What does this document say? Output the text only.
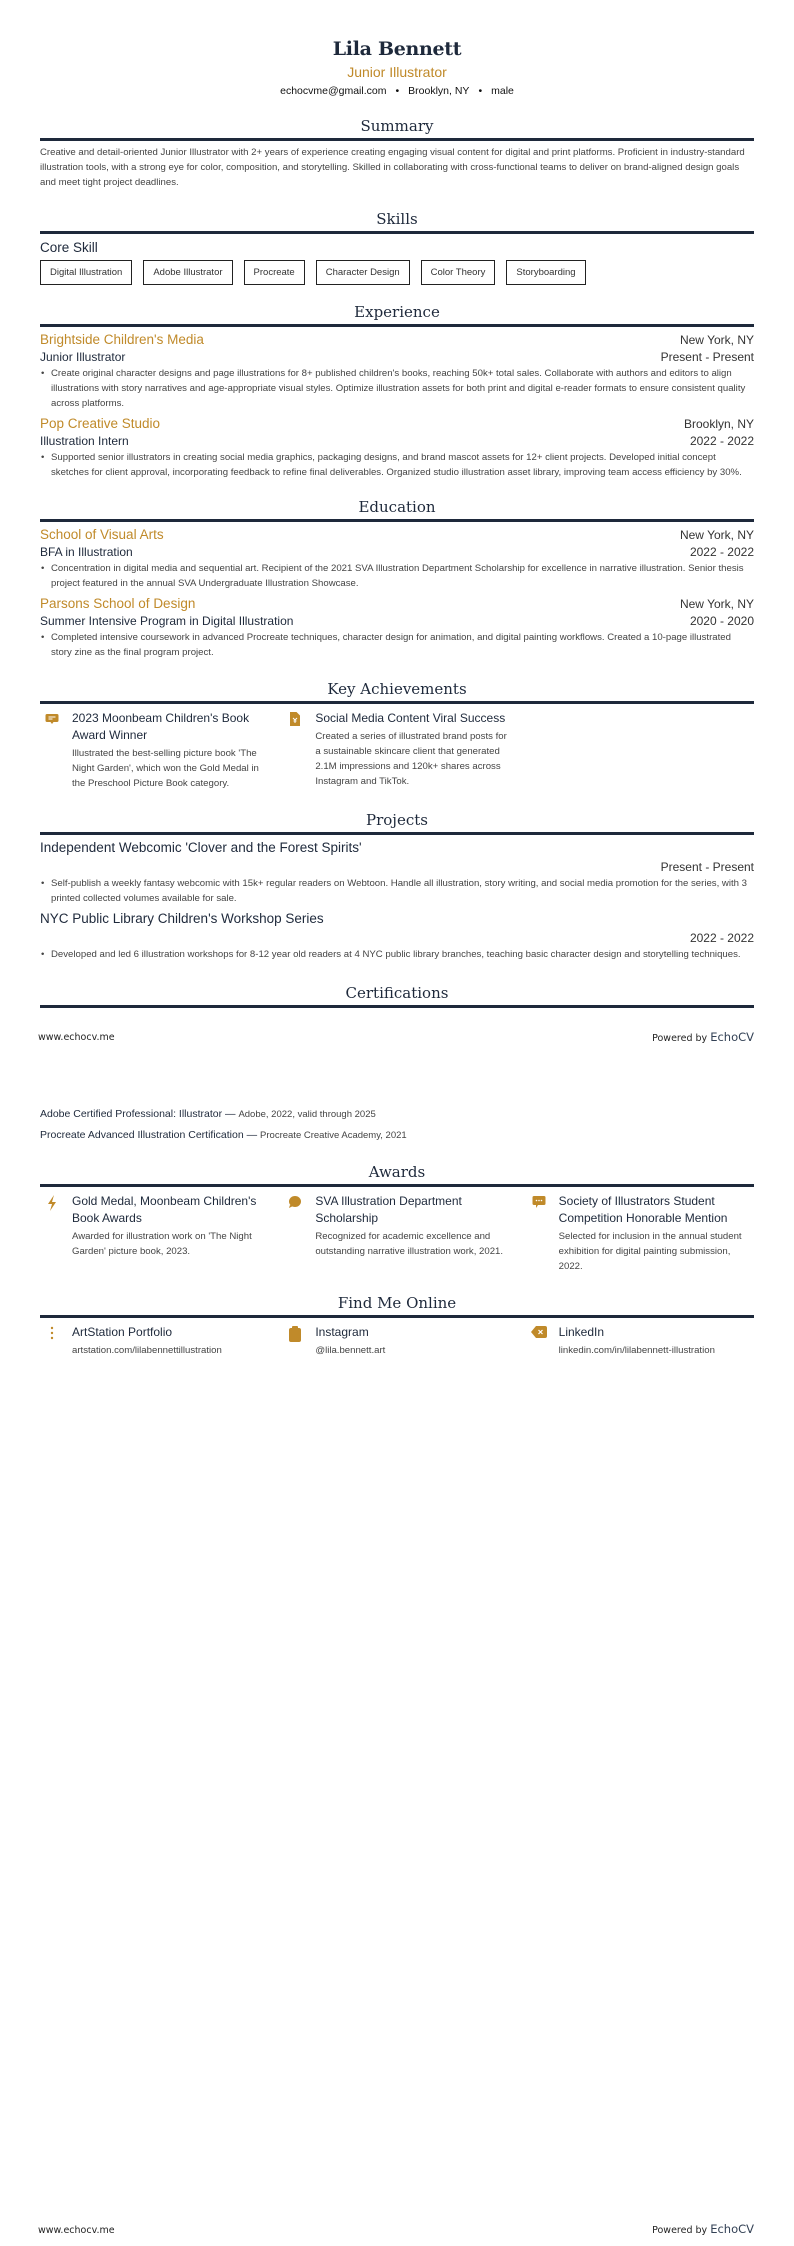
Lila Bennett
Junior Illustrator
echocvme@gmail.com • Brooklyn, NY • male
Summary
Creative and detail-oriented Junior Illustrator with 2+ years of experience creating engaging visual content for digital and print platforms. Proficient in industry-standard illustration tools, with a strong eye for color, composition, and storytelling. Skilled in collaborating with cross-functional teams to deliver on brand-aligned design goals and meet tight project deadlines.
Skills
Core Skill
Digital Illustration	Adobe Illustrator	Procreate	Character Design	Color Theory	Storyboarding
Experience
Brightside Children's Media	New York, NY
Junior Illustrator	Present - Present
• Create original character designs and page illustrations for 8+ published children's books, reaching 50k+ total sales. Collaborate with authors and editors to align illustrations with story narratives and age-appropriate visual styles. Optimize illustration assets for both print and digital e-reader formats to ensure consistent quality across platforms.
Pop Creative Studio	Brooklyn, NY
Illustration Intern	2022 - 2022
• Supported senior illustrators in creating social media graphics, packaging designs, and brand mascot assets for 12+ client projects. Developed initial concept sketches for client approval, incorporating feedback to refine final deliverables. Organized studio illustration asset library, improving team access efficiency by 30%.
Education
School of Visual Arts	New York, NY
BFA in Illustration	2022 - 2022
• Concentration in digital media and sequential art. Recipient of the 2021 SVA Illustration Department Scholarship for excellence in narrative illustration. Senior thesis project featured in the annual SVA Undergraduate Illustration Showcase.
Parsons School of Design	New York, NY
Summer Intensive Program in Digital Illustration	2020 - 2020
• Completed intensive coursework in advanced Procreate techniques, character design for animation, and digital painting workflows. Created a 10-page illustrated story zine as the final program project.
Key Achievements
2023 Moonbeam Children's Book Award Winner
Illustrated the best-selling picture book 'The Night Garden', which won the Gold Medal in the Preschool Picture Book category.
Social Media Content Viral Success
Created a series of illustrated brand posts for a sustainable skincare client that generated 2.1M impressions and 120k+ shares across Instagram and TikTok.
Projects
Independent Webcomic 'Clover and the Forest Spirits'
Present - Present
• Self-publish a weekly fantasy webcomic with 15k+ regular readers on Webtoon. Handle all illustration, story writing, and social media promotion for the series, with 3 printed collected volumes available for sale.
NYC Public Library Children's Workshop Series
2022 - 2022
• Developed and led 6 illustration workshops for 8-12 year old readers at 4 NYC public library branches, teaching basic character design and storytelling techniques.
Certifications
www.echocv.me	Powered by EchoCV
Adobe Certified Professional: Illustrator — Adobe, 2022, valid through 2025
Procreate Advanced Illustration Certification — Procreate Creative Academy, 2021
Awards
Gold Medal, Moonbeam Children's Book Awards
Awarded for illustration work on 'The Night Garden' picture book, 2023.
SVA Illustration Department Scholarship
Recognized for academic excellence and outstanding narrative illustration work, 2021.
Society of Illustrators Student Competition Honorable Mention
Selected for inclusion in the annual student exhibition for digital painting submission, 2022.
Find Me Online
ArtStation Portfolio
artstation.com/lilabennettillustration
Instagram
@lila.bennett.art
LinkedIn
linkedin.com/in/lilabennett-illustration
www.echocv.me	Powered by EchoCV
